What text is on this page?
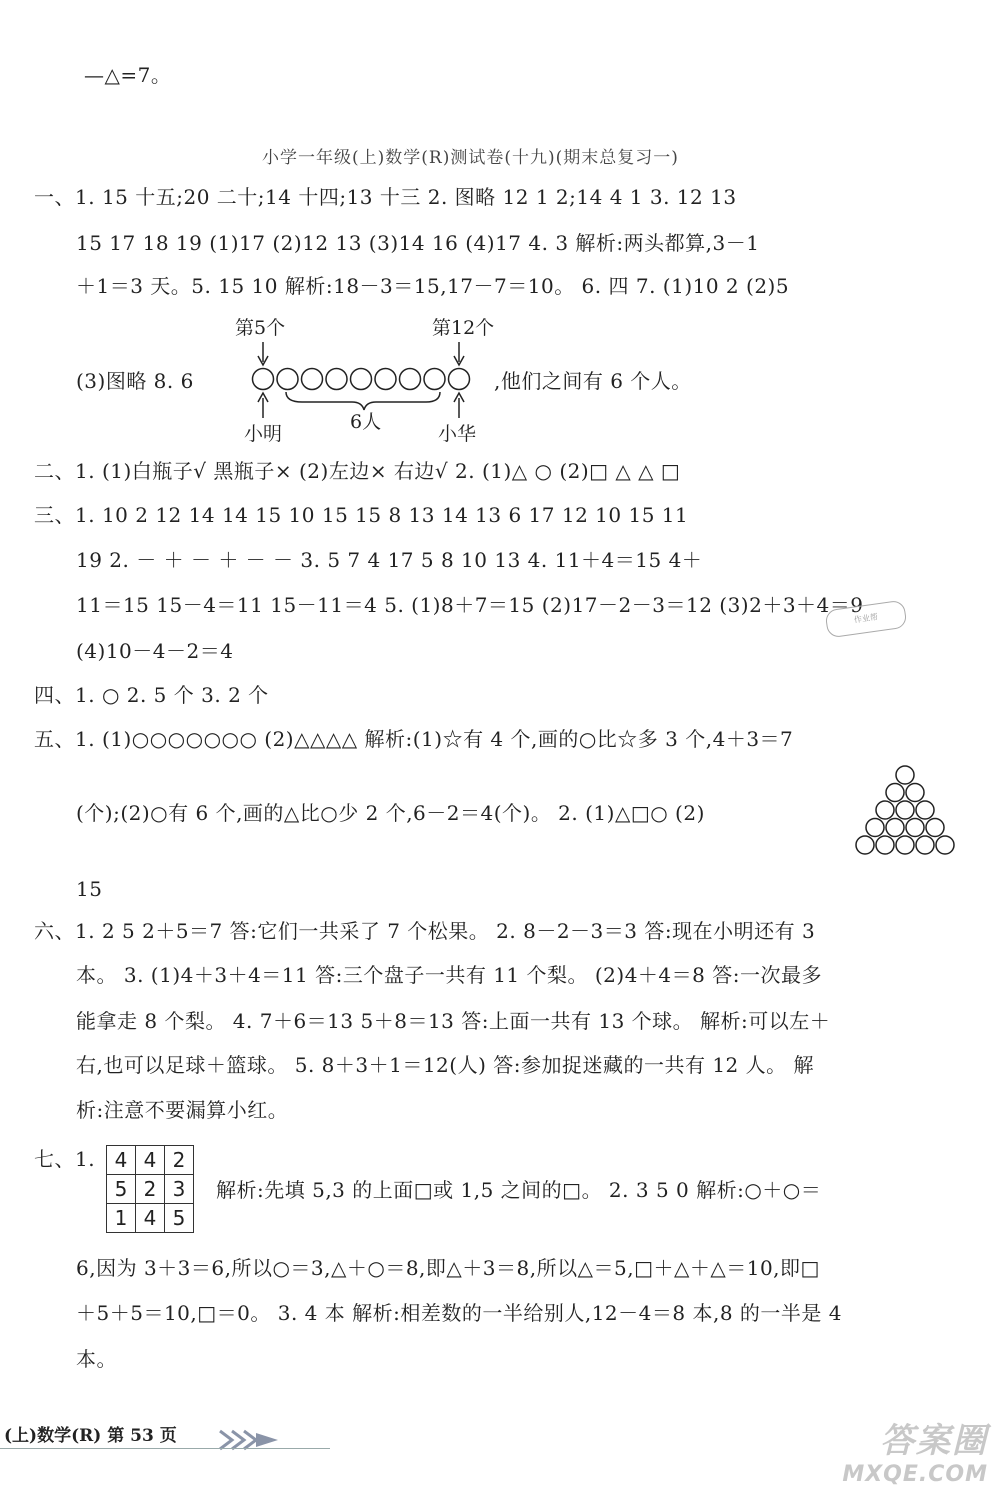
—△=7。
小学一年级(上)数学(R)测试卷(十九)(期末总复习一)
一、1. 15 十五;20 二十;14 十四;13 十三 2. 图略 12 1 2;14 4 1 3. 12 13
15 17 18 19 (1)17 (2)12 13 (3)14 16 (4)17 4. 3 解析:两头都算,3－1
＋1＝3 天。5. 15 10 解析:18－3＝15,17－7＝10。 6. 四 7. (1)10 2 (2)5
(3)图略 8. 6	,他们之间有 6 个人。
第5个	第12个
6人
小明	小华
二、1. (1)白瓶子√ 黑瓶子× (2)左边× 右边√ 2. (1)△ ○ (2)□ △ △ □
三、1. 10 2 12 14 14 15 10 15 15 8 13 14 13 6 17 12 10 15 11
19 2. － ＋ － ＋ － － 3. 5 7 4 17 5 8 10 13 4. 11＋4＝15 4＋
11＝15 15－4＝11 15－11＝4 5. (1)8＋7＝15 (2)17－2－3＝12 (3)2＋3＋4＝9
(4)10－4－2＝4
四、1. ○ 2. 5 个 3. 2 个
五、1. (1)○○○○○○○ (2)△△△△ 解析:(1)☆有 4 个,画的○比☆多 3 个,4＋3＝7
(个);(2)○有 6 个,画的△比○少 2 个,6－2＝4(个)。 2. (1)△□○ (2)
15
六、1. 2 5 2＋5＝7 答:它们一共采了 7 个松果。 2. 8－2－3＝3 答:现在小明还有 3
本。 3. (1)4＋3＋4＝11 答:三个盘子一共有 11 个梨。 (2)4＋4＝8 答:一次最多
能拿走 8 个梨。 4. 7＋6＝13 5＋8＝13 答:上面一共有 13 个球。 解析:可以左＋
右,也可以足球＋篮球。 5. 8＋3＋1＝12(人) 答:参加捉迷藏的一共有 12 人。 解
析:注意不要漏算小红。
七、1. 4	4	2
5	2	3
1	4	5
解析:先填 5,3 的上面□或 1,5 之间的□。 2. 3 5 0 解析:○＋○＝
6,因为 3＋3＝6,所以○＝3,△＋○＝8,即△＋3＝8,所以△＝5,□＋△＋△＝10,即□
＋5＋5＝10,□＝0。 3. 4 本 解析:相差数的一半给别人,12－4＝8 本,8 的一半是 4
本。
作业帮
(上)数学(R) 第 53 页	答案圈
MXQE.COM
